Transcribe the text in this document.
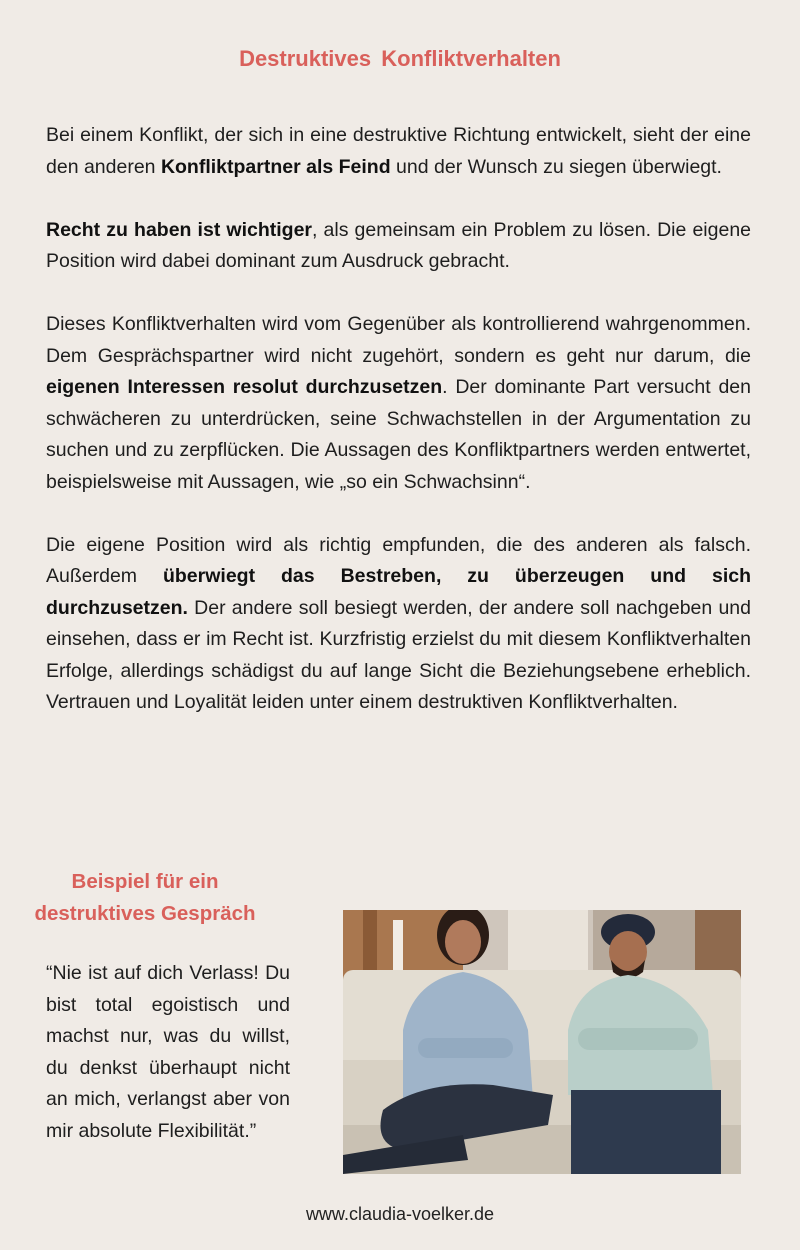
Destruktives Konfliktverhalten

Bei einem Konflikt, der sich in eine destruktive Richtung entwickelt, sieht der eine den anderen Konfliktpartner als Feind und der Wunsch zu siegen überwiegt.

Recht zu haben ist wichtiger, als gemeinsam ein Problem zu lösen. Die eigene Position wird dabei dominant zum Ausdruck gebracht.

Dieses Konfliktverhalten wird vom Gegenüber als kontrollierend wahrgenommen. Dem Gesprächspartner wird nicht zugehört, sondern es geht nur darum, die eigenen Interessen resolut durchzusetzen. Der dominante Part versucht den schwächeren zu unterdrücken, seine Schwachstellen in der Argumentation zu suchen und zu zerpflücken. Die Aussagen des Konfliktpartners werden entwertet, beispielsweise mit Aussagen, wie „so ein Schwachsinn“.

Die eigene Position wird als richtig empfunden, die des anderen als falsch. Außerdem überwiegt das Bestreben, zu überzeugen und sich durchzusetzen. Der andere soll besiegt werden, der andere soll nachgeben und einsehen, dass er im Recht ist. Kurzfristig erzielst du mit diesem Konfliktverhalten Erfolge, allerdings schädigst du auf lange Sicht die Beziehungsebene erheblich. Vertrauen und Loyalität leiden unter einem destruktiven Konfliktverhalten.

Beispiel für ein
destruktives Gespräch
“Nie ist auf dich Verlass! Du bist total egoistisch und machst nur, was du willst, du denkst überhaupt nicht an mich, verlangst aber von mir absolute Flexibilität.”
www.claudia-voelker.de
